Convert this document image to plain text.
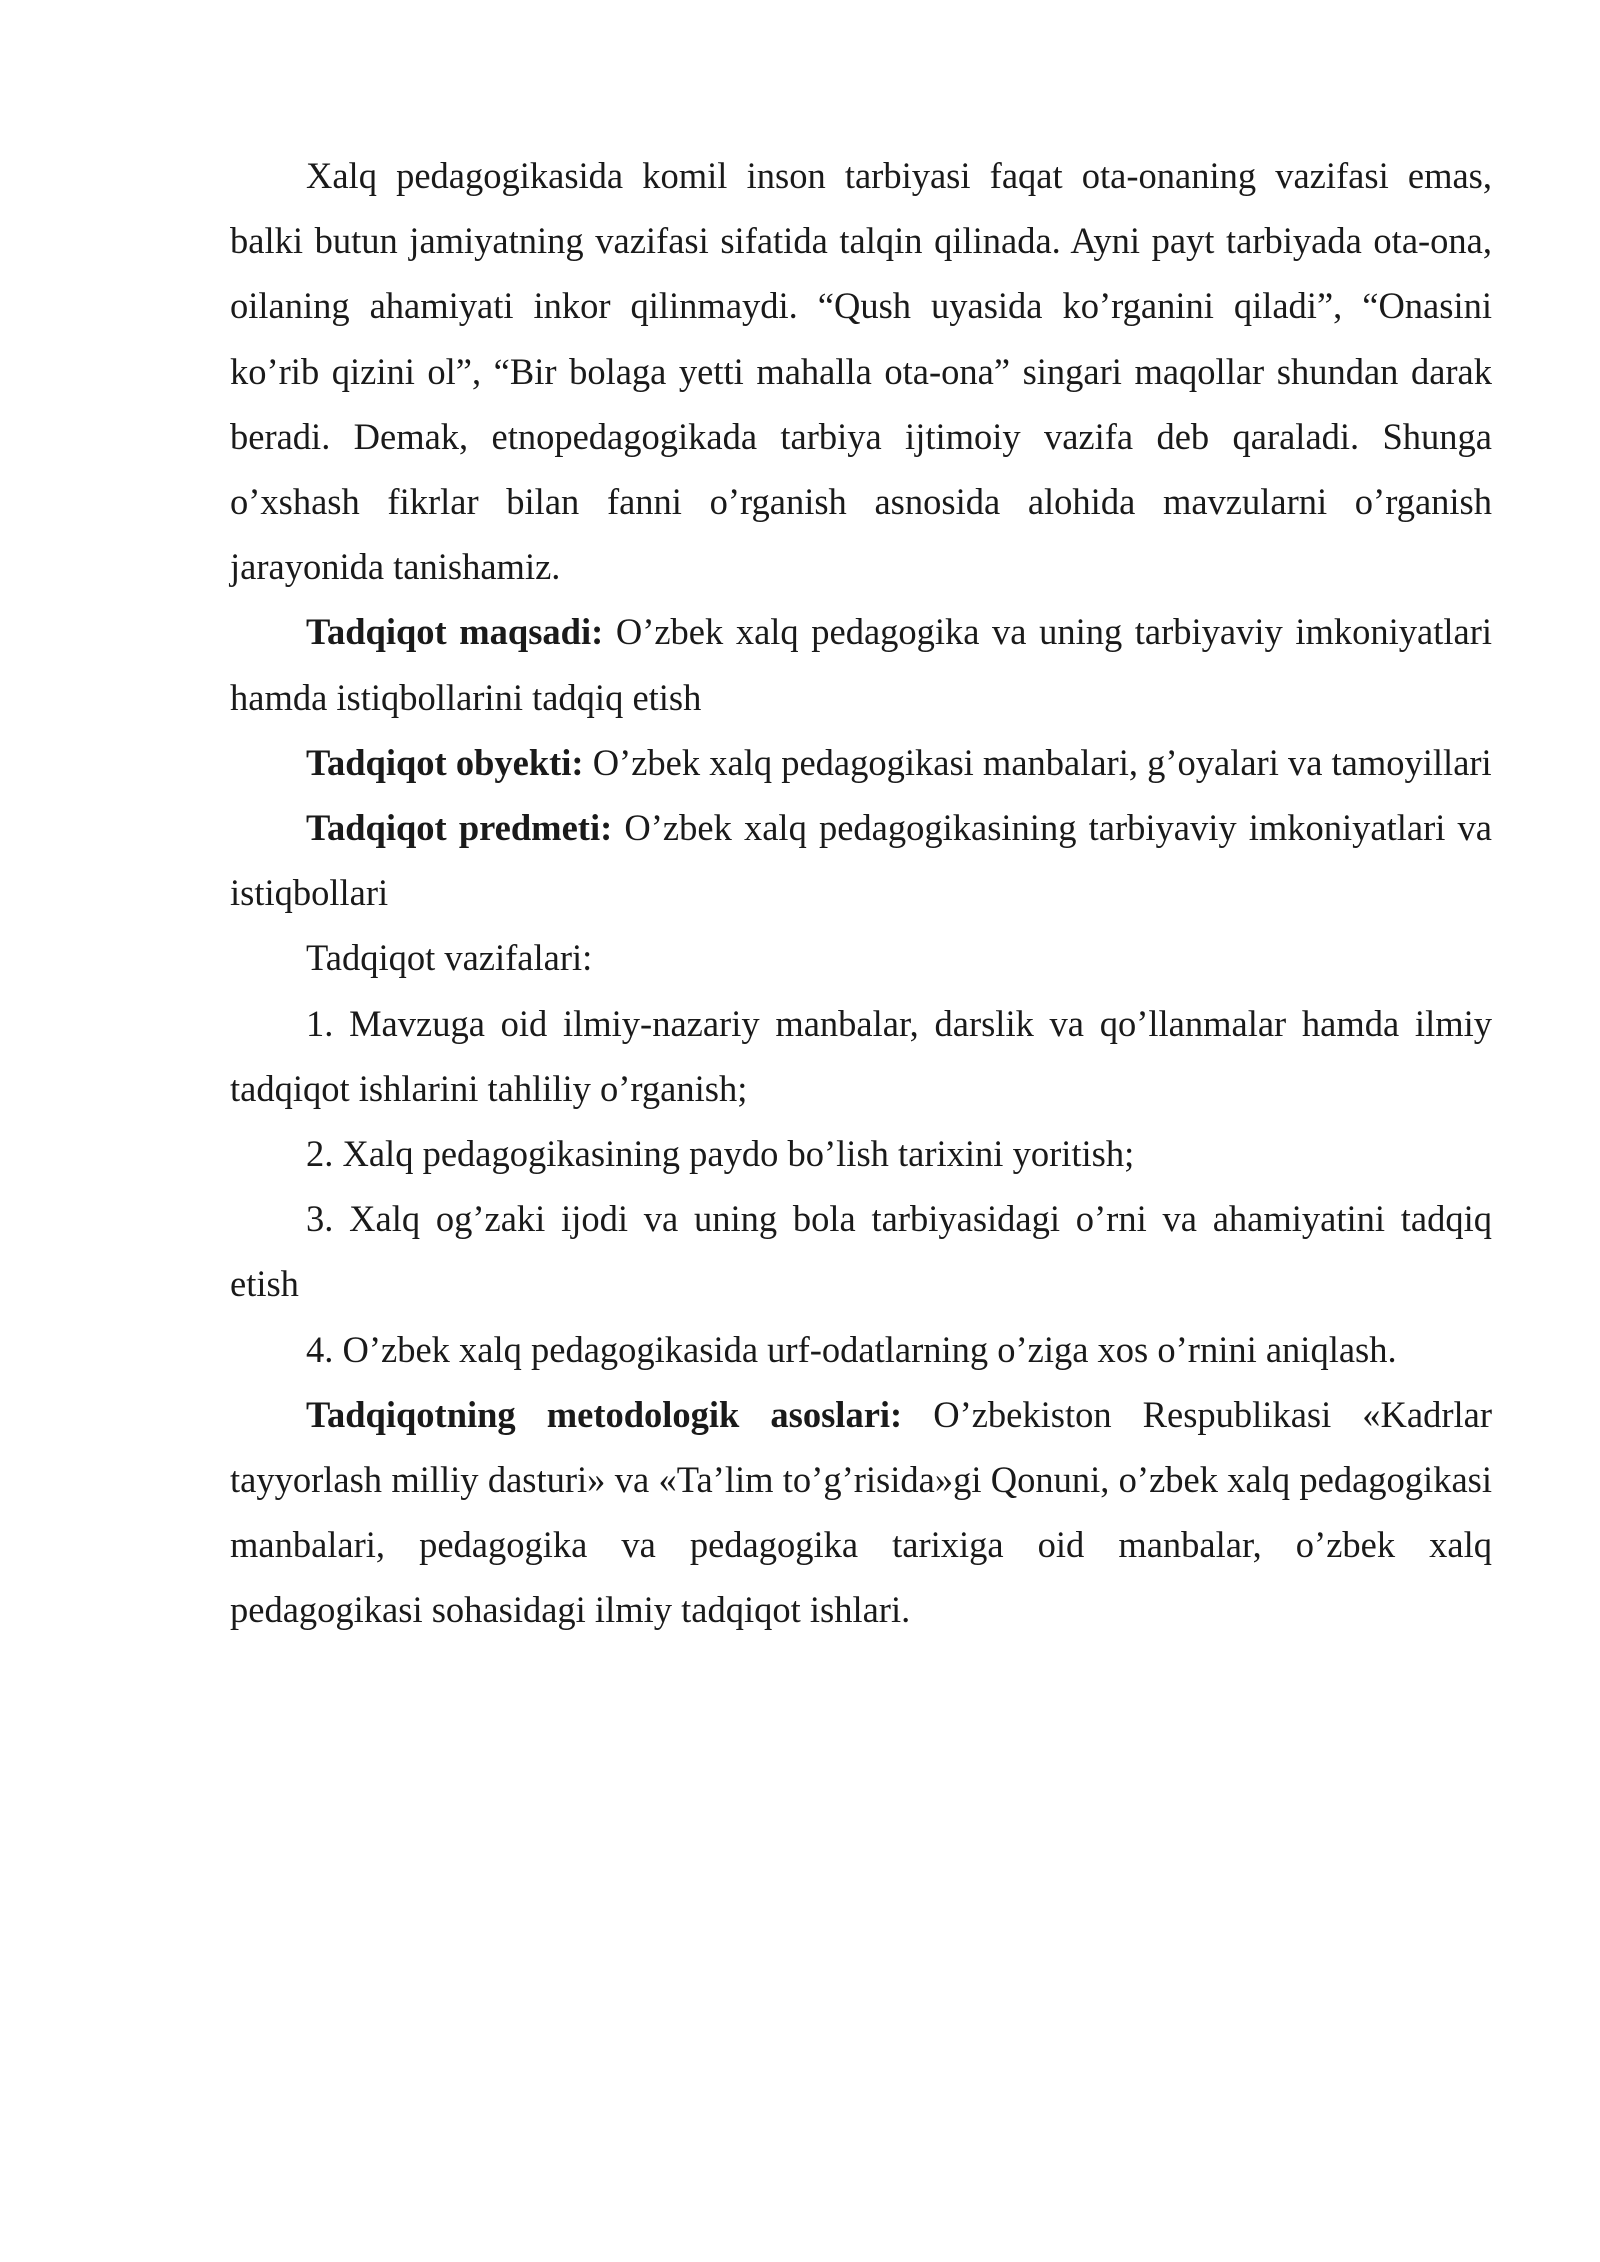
Xalq pedagogikasida komil inson tarbiyasi faqat ota-onaning vazifasi emas, balki butun jamiyatning vazifasi sifatida talqin qilinada. Ayni payt tarbiyada ota-ona, oilaning ahamiyati inkor qilinmaydi. “Qush uyasida ko’rganini qiladi”, “Onasini ko’rib qizini ol”, “Bir bolaga yetti mahalla ota-ona” singari maqollar shundan darak beradi. Demak, etnopedagogikada tarbiya ijtimoiy vazifa deb qaraladi. Shunga o’xshash fikrlar bilan fanni o’rganish asnosida alohida mavzularni o’rganish jarayonida tanishamiz.

Tadqiqot maqsadi: O’zbek xalq pedagogika va uning tarbiyaviy imkoniyatlari hamda istiqbollarini tadqiq etish

Tadqiqot obyekti: O’zbek xalq pedagogikasi manbalari, g’oyalari va tamoyillari

Tadqiqot predmeti: O’zbek xalq pedagogikasining tarbiyaviy imkoniyatlari va istiqbollari

Tadqiqot vazifalari:

1. Mavzuga oid ilmiy-nazariy manbalar, darslik va qo’llanmalar hamda ilmiy tadqiqot ishlarini tahliliy o’rganish;

2. Xalq pedagogikasining paydo bo’lish tarixini yoritish;

3. Xalq og’zaki ijodi va uning bola tarbiyasidagi o’rni va ahamiyatini tadqiq etish

4. O’zbek xalq pedagogikasida urf-odatlarning o’ziga xos o’rnini aniqlash.

Tadqiqotning metodologik asoslari: O’zbekiston Respublikasi «Kadrlar tayyorlash milliy dasturi» va «Ta’lim to’g’risida»gi Qonuni, o’zbek xalq pedagogikasi manbalari, pedagogika va pedagogika tarixiga oid manbalar, o’zbek xalq pedagogikasi sohasidagi ilmiy tadqiqot ishlari.
